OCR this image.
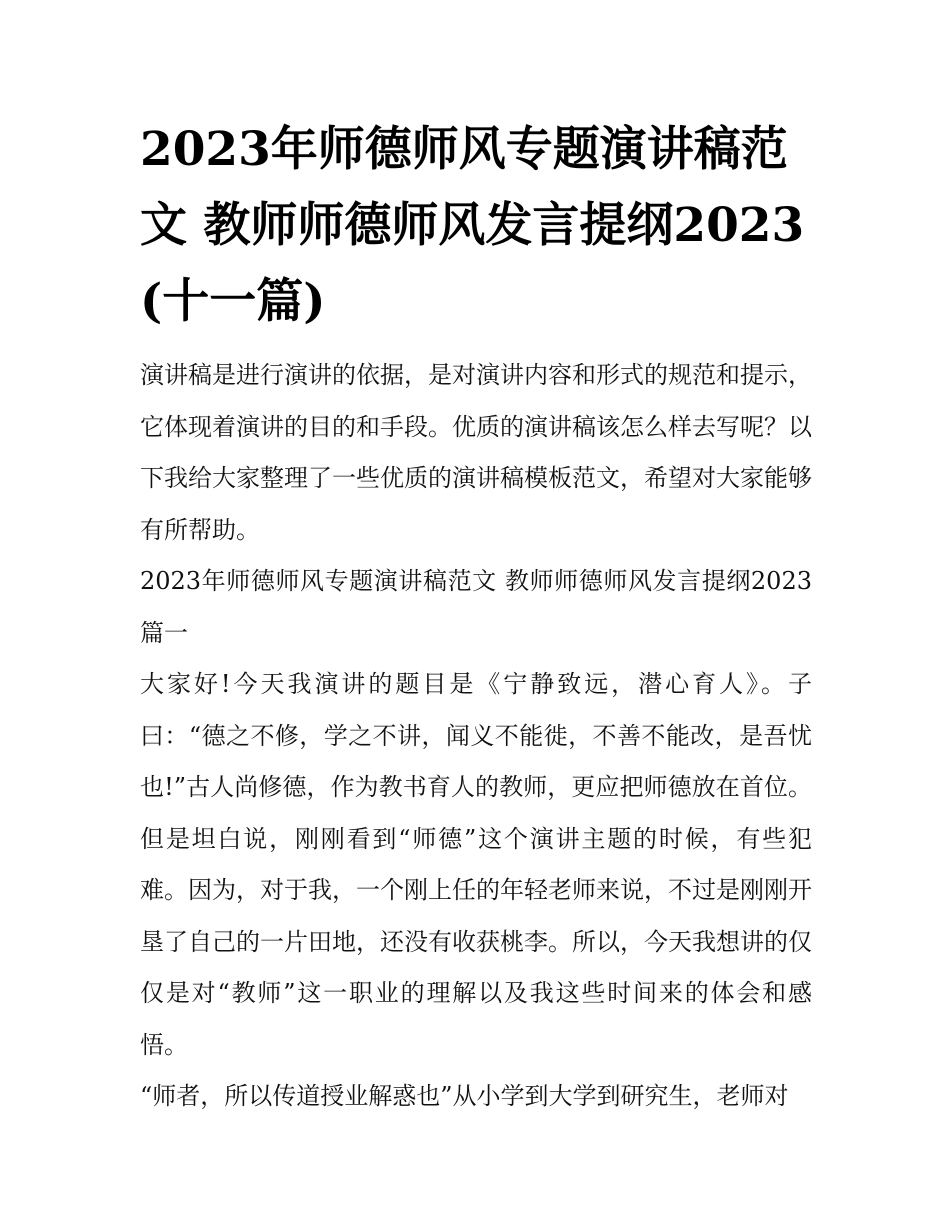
2023年师德师风专题演讲稿范文 教师师德师风发言提纲2023(十一篇)

演讲稿是进行演讲的依据，是对演讲内容和形式的规范和提示，它体现着演讲的目的和手段。优质的演讲稿该怎么样去写呢？以下我给大家整理了一些优质的演讲稿模板范文，希望对大家能够有所帮助。

2023年师德师风专题演讲稿范文 教师师德师风发言提纲2023篇一

大家好!今天我演讲的题目是《宁静致远，潜心育人》。子曰：“德之不修，学之不讲，闻义不能徙，不善不能改，是吾忧也!”古人尚修德，作为教书育人的教师，更应把师德放在首位。但是坦白说，刚刚看到“师德”这个演讲主题的时候，有些犯难。因为，对于我，一个刚上任的年轻老师来说，不过是刚刚开垦了自己的一片田地，还没有收获桃李。所以，今天我想讲的仅仅是对“教师”这一职业的理解以及我这些时间来的体会和感悟。

“师者，所以传道授业解惑也”从小学到大学到研究生，老师对
